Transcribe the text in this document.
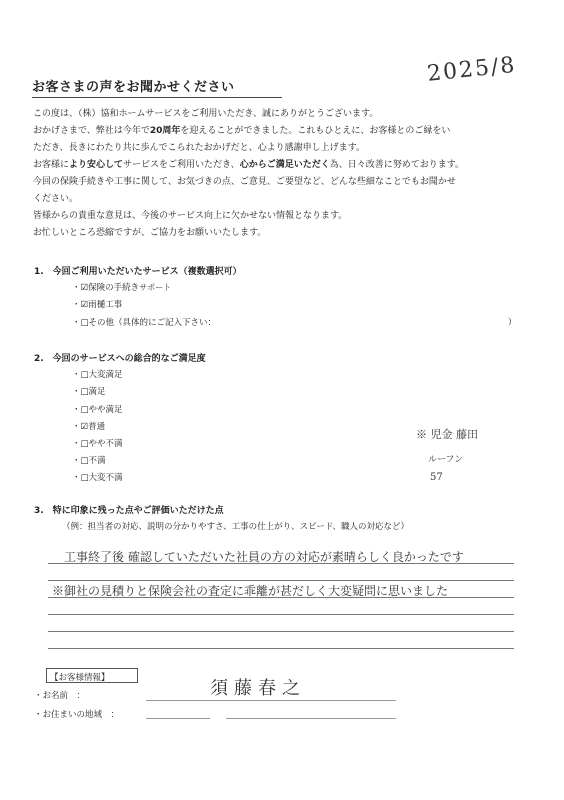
お客さまの声をお聞かせください
2025/8
この度は、（株）協和ホームサービスをご利用いただき、誠にありがとうございます。
おかげさまで、弊社は今年で20周年を迎えることができました。これもひとえに、お客様とのご縁をい
ただき、長きにわたり共に歩んでこられたおかげだと、心より感謝申し上げます。
お客様により安心してサービスをご利用いただき、心からご満足いただく為、日々改善に努めております。
今回の保険手続きや工事に関して、お気づきの点、ご意見、ご要望など、どんな些細なことでもお聞かせ
ください。
皆様からの貴重な意見は、今後のサービス向上に欠かせない情報となります。
お忙しいところ恐縮ですが、ご協力をお願いいたします。
1.　今回ご利用いただいたサービス（複数選択可）
・☑保険の手続きサポート
・☑雨樋工事
・□その他（具体的にご記入下さい：	）
2.　今回のサービスへの総合的なご満足度
・□大変満足
・□満足
・□やや満足
・☑普通
・□やや不満
・□不満
・□大変不満
※ 児金 藤田
ルーフン
57
3.　特に印象に残った点やご評価いただけた点
（例：担当者の対応、説明の分かりやすさ、工事の仕上がり、スピード、職人の対応など）
工事終了後 確認していただいた社員の方の対応が素晴らしく良かったです
※御社の見積りと保険会社の査定に乖離が甚だしく大変疑問に思いました
【お客様情報】
・お名前　：	須藤春之
・お住まいの地域　：
